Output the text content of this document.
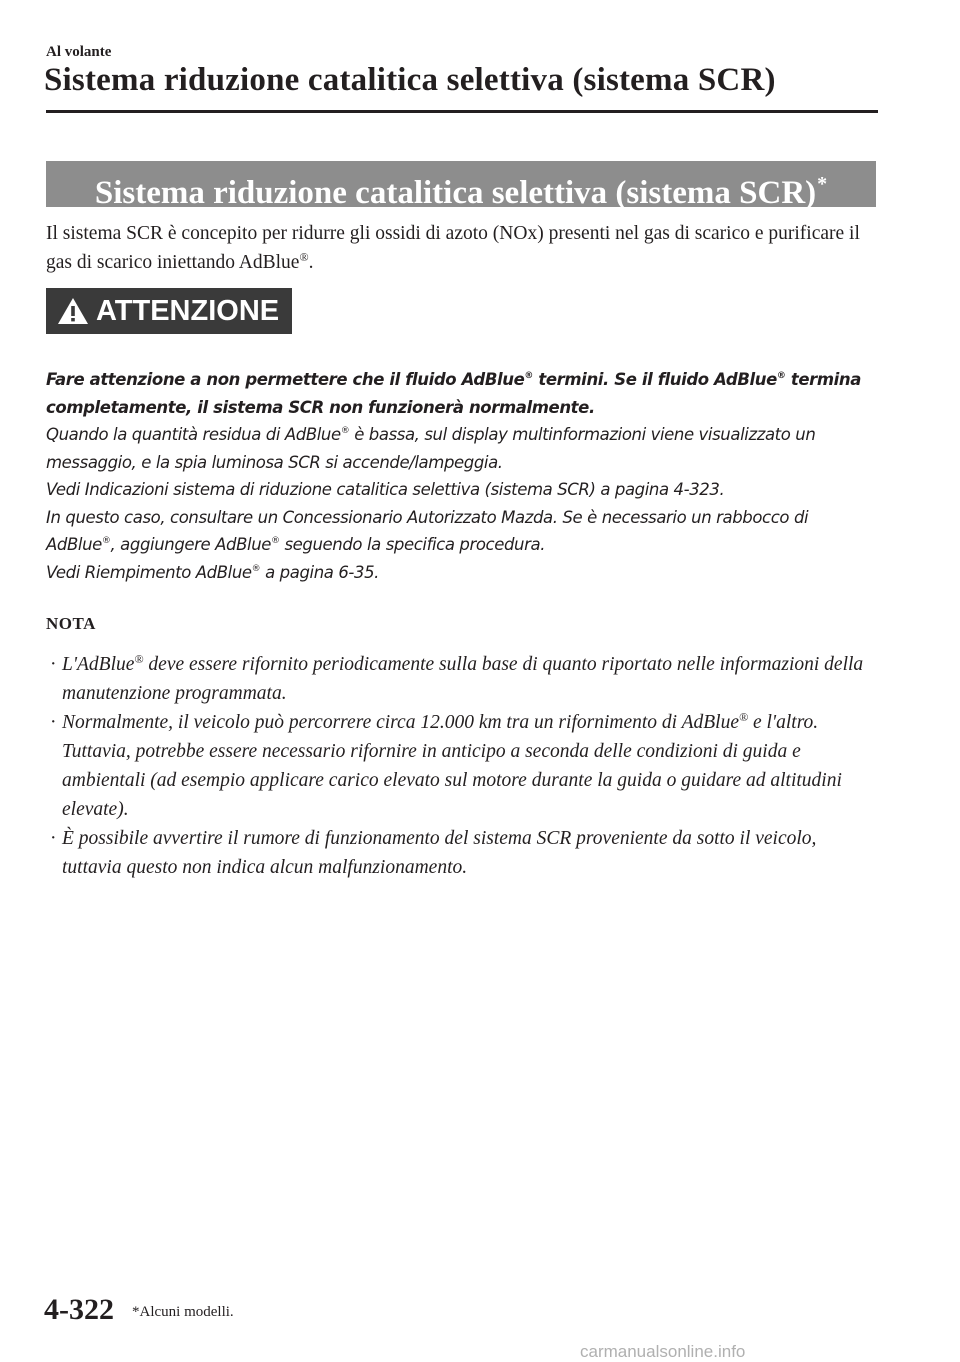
Al volante
Sistema riduzione catalitica selettiva (sistema SCR)
Sistema riduzione catalitica selettiva (sistema SCR)*
Il sistema SCR è concepito per ridurre gli ossidi di azoto (NOx) presenti nel gas di scarico e purificare il gas di scarico iniettando AdBlue®.
ATTENZIONE

Fare attenzione a non permettere che il fluido AdBlue® termini. Se il fluido AdBlue® termina completamente, il sistema SCR non funzionerà normalmente.

Quando la quantità residua di AdBlue® è bassa, sul display multinformazioni viene visualizzato un messaggio, e la spia luminosa SCR si accende/lampeggia.

Vedi Indicazioni sistema di riduzione catalitica selettiva (sistema SCR) a pagina 4-323.

In questo caso, consultare un Concessionario Autorizzato Mazda. Se è necessario un rabbocco di AdBlue®, aggiungere AdBlue® seguendo la specifica procedura.

Vedi Riempimento AdBlue® a pagina 6-35.

NOTA

· L'AdBlue® deve essere rifornito periodicamente sulla base di quanto riportato nelle informazioni della manutenzione programmata.

· Normalmente, il veicolo può percorrere circa 12.000 km tra un rifornimento di AdBlue® e l'altro. Tuttavia, potrebbe essere necessario rifornire in anticipo a seconda delle condizioni di guida e ambientali (ad esempio applicare carico elevato sul motore durante la guida o guidare ad altitudini elevate).

· È possibile avvertire il rumore di funzionamento del sistema SCR proveniente da sotto il veicolo, tuttavia questo non indica alcun malfunzionamento.

4-322 *Alcuni modelli.
carmanualsonline.info
